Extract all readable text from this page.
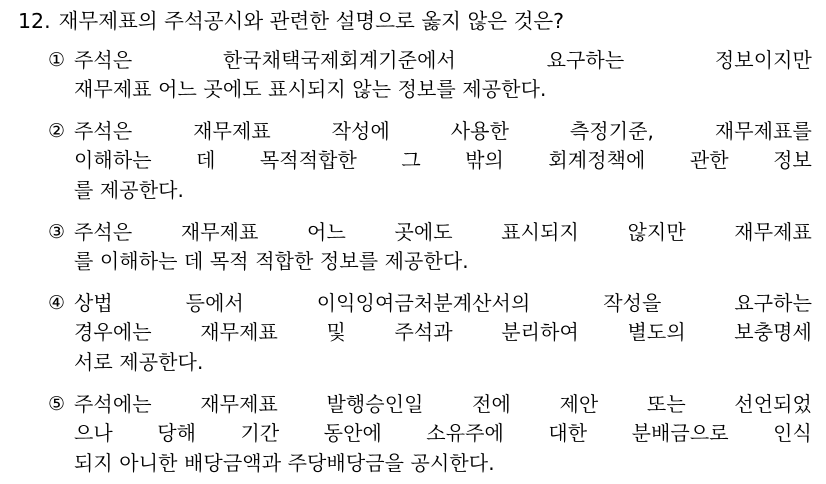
12. 재무제표의 주석공시와 관련한 설명으로 옳지 않은 것은?
① 주석은	한국채택국제회계기준에서	요구하는	정보이지만
재무제표 어느 곳에도 표시되지 않는 정보를 제공한다.
② 주석은	재무제표	작성에	사용한	측정기준,	재무제표를
이해하는 데 목적적합한 그 밖의 회계정책에 관한 정보
를 제공한다.
③ 주석은 재무제표 어느 곳에도 표시되지 않지만 재무제표
를 이해하는 데 목적 적합한 정보를 제공한다.
④ 상법	등에서	이익잉여금처분계산서의	작성을	요구하는
경우에는 재무제표 및 주석과 분리하여 별도의 보충명세
서로 제공한다.
⑤ 주석에는 재무제표 발행승인일 전에 제안 또는 선언되었
으나 당해 기간 동안에 소유주에 대한 분배금으로 인식
되지 아니한 배당금액과 주당배당금을 공시한다.
